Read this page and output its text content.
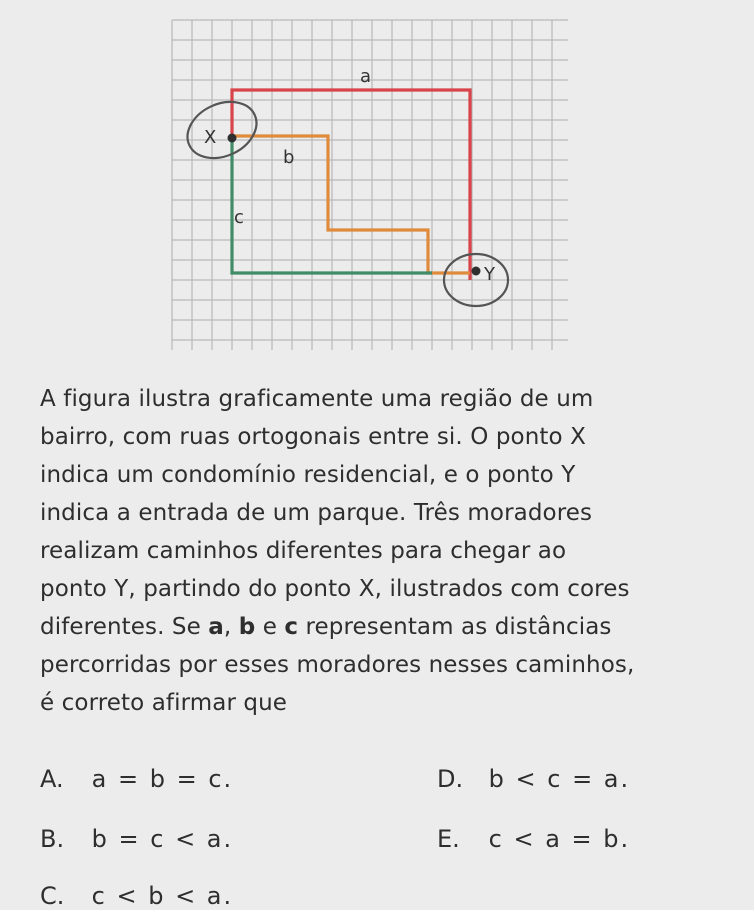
a
b
c
X
Y
A figura ilustra graficamente uma região de um
bairro, com ruas ortogonais entre si. O ponto X
indica um condomínio residencial, e o ponto Y
indica a entrada de um parque. Três moradores
realizam caminhos diferentes para chegar ao
ponto Y, partindo do ponto X, ilustrados com cores
diferentes. Se a, b e c representam as distâncias
percorridas por esses moradores nesses caminhos,
é correto afirmar que
A. a = b = c.
B. b = c < a.
C. c < b < a.
D. b < c = a.
E. c < a = b.
